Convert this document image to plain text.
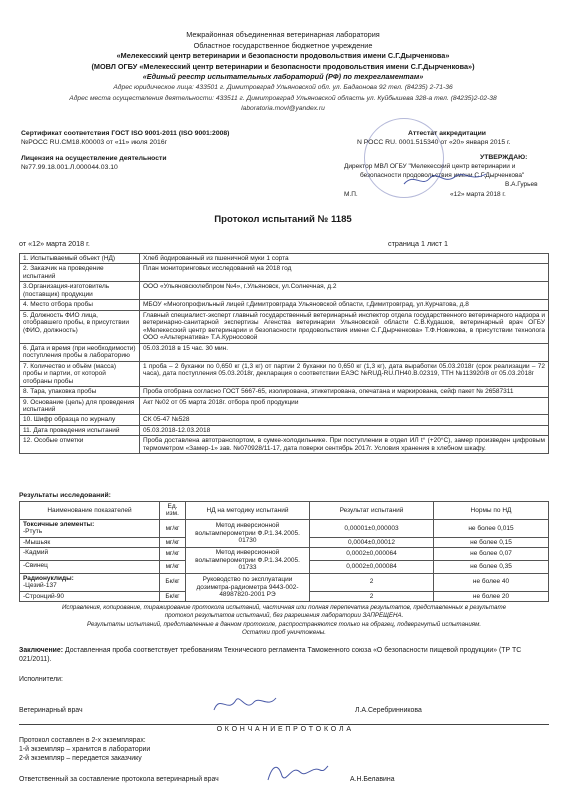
Межрайонная объединенная ветеринарная лаборатория
Областное государственное бюджетное учреждение
«Мелекесский центр ветеринарии и безопасности продовольствия имени С.Г.Дырченкова»
(МОВЛ ОГБУ «Мелекесский центр ветеринарии и безопасности продовольствия имени С.Г.Дырченкова»)
«Единый реестр испытательных лабораторий (РФ) по техрегламентам»
Адрес юридическое лица: 433501 г. Димитровград Ульяновской обл. ул. Бадаонова 92 тел. (84235) 2-71-36
Адрес места осуществления деятельности: 433511 г. Димитровград Ульяновской область ул. Куйбышева 328-а тел. (84235)2-02-38
laboratoria.movl@yandex.ru
Сертификат соответствия ГОСТ ISO 9001-2011 (ISO 9001:2008)
№РОСС RU.СМ18.К00003 от «11» июля 2016г
Лицензия на осуществление деятельности
№77.99.18.001.Л.000044.03.10
Аттестат аккредитации
N РОСС RU. 0001.515340 от «20» января 2015 г.
УТВЕРЖДАЮ:
Директор МВЛ ОГБУ "Мелекесский центр ветеринарии и
безопасности продовольствия имени С.Г.Дырченкова"
В.А.Гурьев
М.П.	«12» марта 2018 г.
Протокол испытаний № 1185
от «12» марта 2018 г.	страница 1 лист 1
1. Испытываемый объект (НД)	Хлеб йодированный из пшеничной муки 1 сорта
2. Заказчик на проведение испытаний	План мониторинговых исследований на 2018 год
3.Организация-изготовитель (поставщик) продукции	ООО «Ульяновскхлебпром №4», г.Ульяновск, ул.Солнечная, д.2
4. Место отбора пробы	МБОУ «Многопрофильный лицей г.Димитровграда Ульяновской области, г.Димитровград, ул.Курчатова, д.8
5. Должность ФИО лица, отобравшего пробы, в присутствии (ФИО, должность)	Главный специалист-эксперт главный государственный ветеринарный инспектор отдела государственного ветеринарного надзора и ветеринарно-санитарной экспертизы Агенства ветеринарии Ульяновской области С.В.Кудашов, ветеринарный врач ОГБУ «Мелекесский центр ветеринарии и безопасности продовольствия имени С.Г.Дырченкова» Т.Ф.Новикова, в присутствии технолога ООО «Альтернатива» Т.А.Курносовой
6. Дата и время (при необходимости) поступления пробы в лабораторию	05.03.2018 в 15 час. 30 мин.
7. Количество и объём (масса) пробы и партии, от которой отобраны пробы	1 проба – 2 буханки по 0,650 кг (1,3 кг) от партии 2 буханки по 0,650 кг (1,3 кг), дата выработки 05.03.2018г (срок реализации – 72 часа), дата поступления 05.03.2018г, декларация о соответствии ЕАЭС №RUД-RU.ПН40.В.02319, ТТН №113920/8 от 05.03.2018г
8. Тара, упаковка пробы	Проба отобрана согласно ГОСТ 5667-65, изолирована, этикетирована, опечатана и маркирована, сейф пакет № 26587311
9. Основание (цель) для проведения испытаний	Акт №02 от 05 марта 2018г. отбора проб продукции
10. Шифр образца по журналу	СК 05-47 №528
11. Дата проведения испытаний	05.03.2018-12.03.2018
12. Особые отметки	Проба доставлена автотранспортом, в сумке-холодильнике. При поступлении в отдел ИЛ t° (+20°С), замер произведен цифровым термометром «Замер-1» зав. №070928/11-17, дата поверки сентябрь 2017г. Условия хранения в хлебном шкафу.
Результаты исследований:
Наименование показателей	Ед. изм.	НД на методику испытаний	Результат испытаний	Нормы по НД

Токсичные элементы:
-Ртуть	мг/кг	Метод инверсионной вольтамперометрии Ф.Р.1.34.2005. 01730	0,00001±0,000003	не более 0,015
-Мышьяк	мг/кг		0,0004±0,00012	не более 0,15
-Кадмий	мг/кг	Метод инверсионной вольтамперометрии Ф.Р.1.34.2005. 01733	0,0002±0,000064	не более 0,07
-Свинец	мг/кг		0,0002±0,000084	не более 0,35

Радионуклиды:
-Цезий-137	Бк/кг	Руководство по эксплуатации дозиметра-радиометра 9443-002-48987820-2001 РЭ	2	не более 40
-Стронций-90	Бк/кг		2	не более 20
Исправления, копирование, тиражирование протокола испытаний, частичная или полная перепечатка результатов, представленных в результате
протокол результатов испытаний, без разрешения лаборатории ЗАПРЕЩЕНА.
Результаты испытаний, представленные в данном протоколе, распространяются только на образец, подвергнутый испытаниям.
Остатки проб уничтожены.
Заключение: Доставленная проба соответствует требованиям Технического регламента Таможенного союза «О безопасности пищевой продукции» (ТР ТС 021/2011).
Исполнители:
Ветеринарный врач	Л.А.Серебринникова
О К О Н Ч А Н И Е П Р О Т О К О Л А
Протокол составлен в 2-х экземплярах:
1-й экземпляр – хранится в лаборатории
2-й экземпляр – передается заказчику
Ответственный за составление протокола ветеринарный врач	А.Н.Белавина
